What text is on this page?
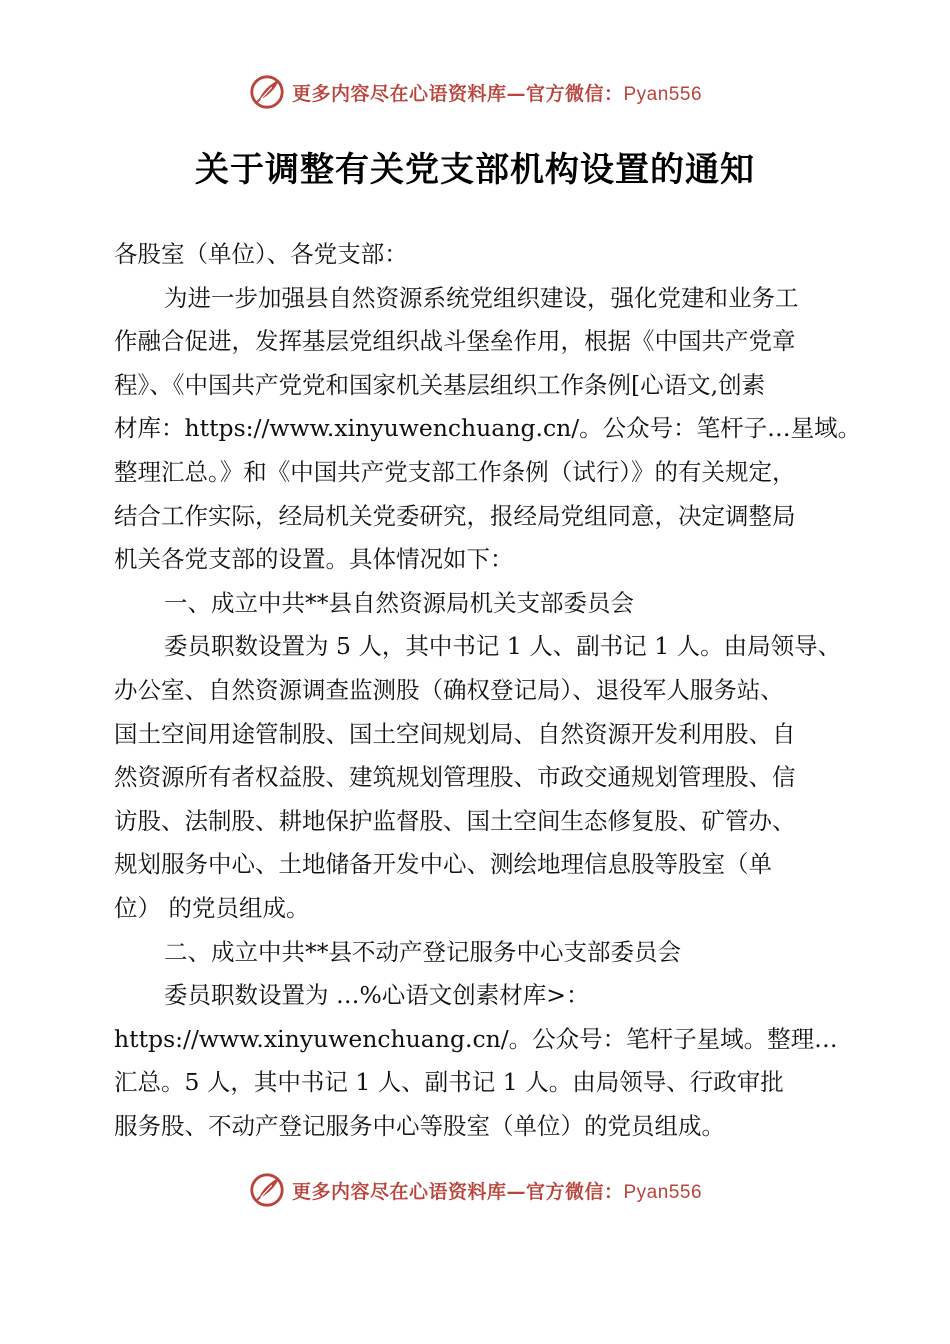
更多内容尽在心语资料库—官方微信：Pyan556
关于调整有关党支部机构设置的通知
各股室（单位）、各党支部：
为进一步加强县自然资源系统党组织建设，强化党建和业务工
作融合促进，发挥基层党组织战斗堡垒作用，根据《中国共产党章
程》、《中国共产党党和国家机关基层组织工作条例[心语文,创素
材库：https://www.xinyuwenchuang.cn/。公众号：笔杆子…星域。
整理汇总。》和《中国共产党支部工作条例（试行）》的有关规定，
结合工作实际，经局机关党委研究，报经局党组同意，决定调整局
机关各党支部的设置。具体情况如下：
一、成立中共**县自然资源局机关支部委员会
委员职数设置为 5 人，其中书记 1 人、副书记 1 人。由局领导、
办公室、自然资源调查监测股（确权登记局）、退役军人服务站、
国土空间用途管制股、国土空间规划局、自然资源开发利用股、自
然资源所有者权益股、建筑规划管理股、市政交通规划管理股、信
访股、法制股、耕地保护监督股、国土空间生态修复股、矿管办、
规划服务中心、土地储备开发中心、测绘地理信息股等股室（单
位） 的党员组成。
二、成立中共**县不动产登记服务中心支部委员会
委员职数设置为 …%心语文创素材库>：
https://www.xinyuwenchuang.cn/。公众号：笔杆子星域。整理…
汇总。5 人，其中书记 1 人、副书记 1 人。由局领导、行政审批
服务股、不动产登记服务中心等股室（单位）的党员组成。
更多内容尽在心语资料库—官方微信：Pyan556
